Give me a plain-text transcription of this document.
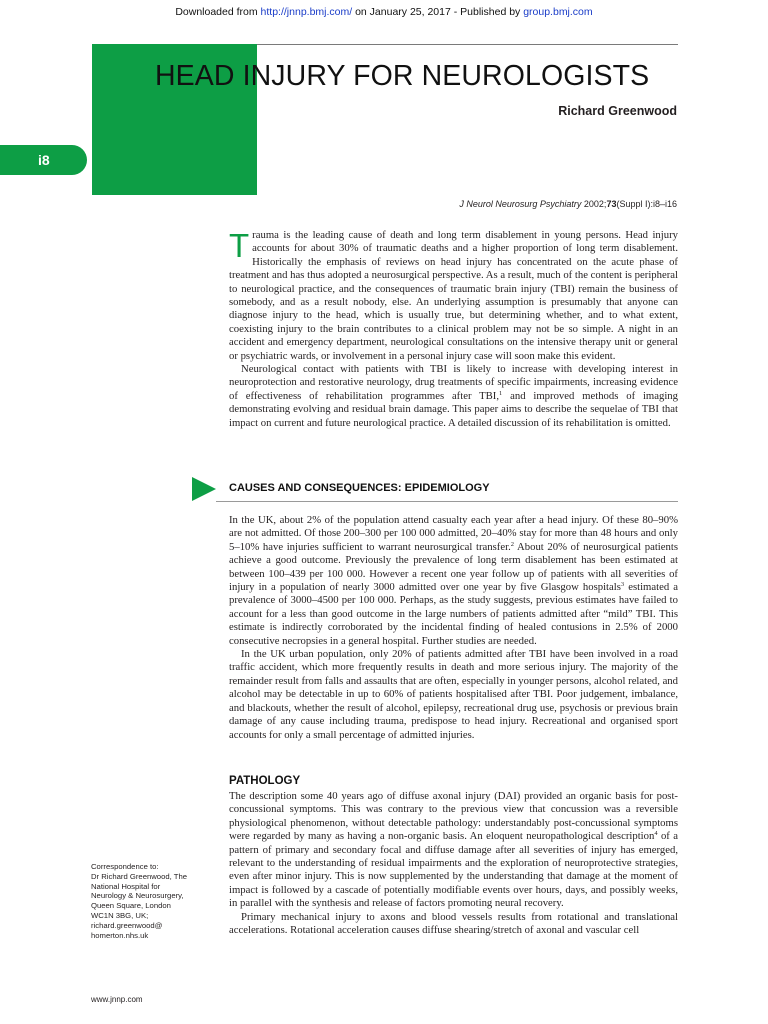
Downloaded from http://jnnp.bmj.com/ on January 25, 2017 - Published by group.bmj.com
HEAD INJURY FOR NEUROLOGISTS
Richard Greenwood
i8
J Neurol Neurosurg Psychiatry 2002;73(Suppl I):i8–i16

Trauma is the leading cause of death and long term disablement in young persons. Head injury accounts for about 30% of traumatic deaths and a higher proportion of long term disablement. Historically the emphasis of reviews on head injury has concentrated on the acute phase of treatment and has thus adopted a neurosurgical perspective. As a result, much of the content is peripheral to neurological practice, and the consequences of traumatic brain injury (TBI) remain the business of somebody, and as a result nobody, else. An underlying assumption is presumably that anyone can diagnose injury to the head, which is usually true, but determining whether, and to what extent, coexisting injury to the brain contributes to a clinical problem may not be so simple. A night in an accident and emergency department, neurological consultations on the intensive therapy unit or general or psychiatric wards, or involvement in a personal injury case will soon make this evident.

Neurological contact with patients with TBI is likely to increase with developing interest in neuroprotection and restorative neurology, drug treatments of specific impairments, increasing evidence of effectiveness of rehabilitation programmes after TBI,$^1$ and improved methods of imaging demonstrating evolving and residual brain damage. This paper aims to describe the sequelae of TBI that impact on current and future neurological practice. A detailed discussion of its rehabilitation is omitted.

CAUSES AND CONSEQUENCES: EPIDEMIOLOGY

In the UK, about 2% of the population attend casualty each year after a head injury. Of these 80–90% are not admitted. Of those 200–300 per 100 000 admitted, 20–40% stay for more than 48 hours and only 5–10% have injuries sufficient to warrant neurosurgical transfer.$^2$ About 20% of neurosurgical patients achieve a good outcome. Previously the prevalence of long term disablement has been estimated at between 100–439 per 100 000. However a recent one year follow up of patients with all severities of injury in a population of nearly 3000 admitted over one year by five Glasgow hospitals$^3$ estimated a prevalence of 3000–4500 per 100 000. Perhaps, as the study suggests, previous estimates have failed to account for a less than good outcome in the large numbers of patients admitted after “mild” TBI. This estimate is indirectly corroborated by the incidental finding of healed contusions in 2.5% of 2000 consecutive necropsies in a general hospital. Further studies are needed.

In the UK urban population, only 20% of patients admitted after TBI have been involved in a road traffic accident, which more frequently results in death and more serious injury. The majority of the remainder result from falls and assaults that are often, especially in younger persons, alcohol related, and alcohol may be detectable in up to 60% of patients hospitalised after TBI. Poor judgement, imbalance, and blackouts, whether the result of alcohol, epilepsy, recreational drug use, psychosis or previous brain damage of any cause including trauma, predispose to head injury. Recreational and organised sport accounts for only a small percentage of admitted injuries.

PATHOLOGY

The description some 40 years ago of diffuse axonal injury (DAI) provided an organic basis for post-concussional symptoms. This was contrary to the previous view that concussion was a reversible physiological phenomenon, without detectable pathology: understandably post-concussional symptoms were regarded by many as having a non-organic basis. An eloquent neuropathological description$^4$ of a pattern of primary and secondary focal and diffuse damage after all severities of injury has emerged, relevant to the understanding of residual impairments and the exploration of neuroprotective strategies, even after minor injury. This is now supplemented by the understanding that damage at the moment of impact is followed by a cascade of potentially modifiable events over hours, days, and possibly weeks, in parallel with the synthesis and release of factors promoting neural recovery.

Primary mechanical injury to axons and blood vessels results from rotational and translational accelerations. Rotational acceleration causes diffuse shearing/stretch of axonal and vascular cell

Correspondence to:
Dr Richard Greenwood, The
National Hospital for
Neurology & Neurosurgery,
Queen Square, London
WC1N 3BG, UK;
richard.greenwood@
homerton.nhs.uk
www.jnnp.com
